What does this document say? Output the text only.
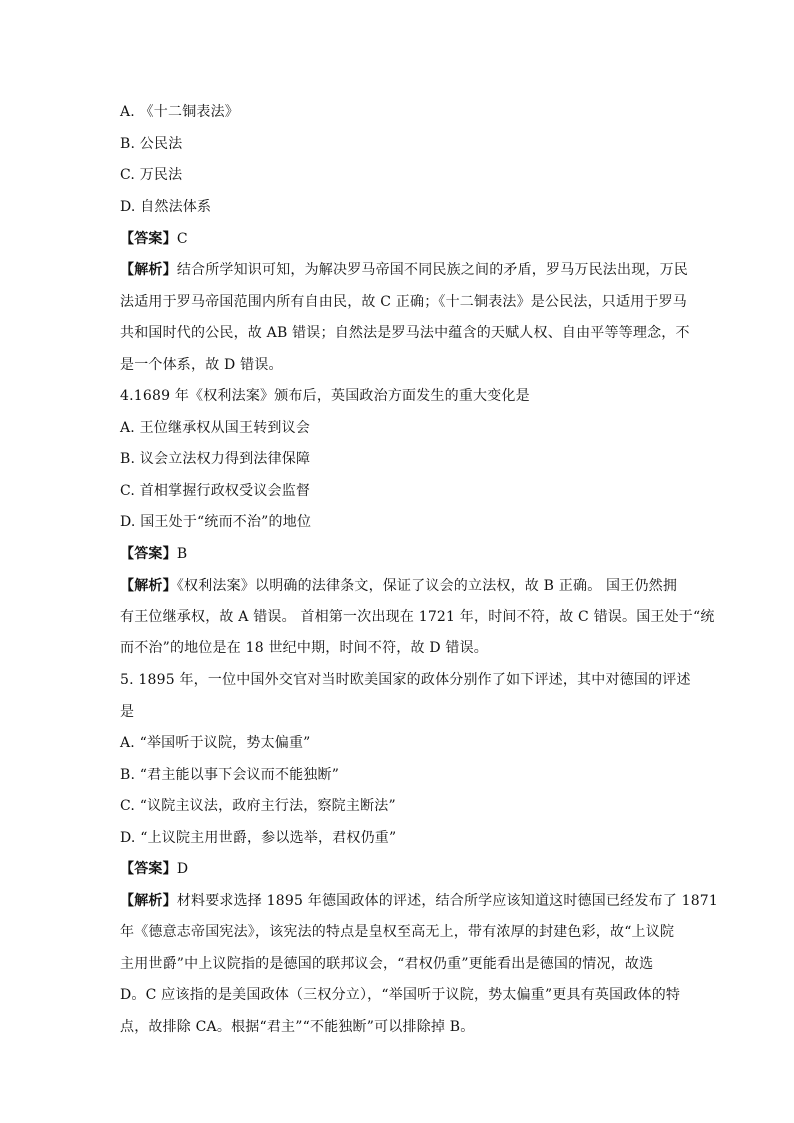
A. 《十二铜表法》
B. 公民法
C. 万民法
D. 自然法体系
【答案】C
【解析】结合所学知识可知，为解决罗马帝国不同民族之间的矛盾，罗马万民法出现，万民
法适用于罗马帝国范围内所有自由民，故 C 正确；《十二铜表法》是公民法，只适用于罗马
共和国时代的公民，故 AB 错误；自然法是罗马法中蕴含的天赋人权、自由平等等理念，不
是一个体系，故 D 错误。
4.1689 年《权利法案》颁布后，英国政治方面发生的重大变化是
A. 王位继承权从国王转到议会
B. 议会立法权力得到法律保障
C. 首相掌握行政权受议会监督
D. 国王处于“统而不治”的地位
【答案】B
【解析】《权利法案》以明确的法律条文，保证了议会的立法权，故 B 正确。 国王仍然拥
有王位继承权，故 A 错误。 首相第一次出现在 1721 年，时间不符，故 C 错误。国王处于“统
而不治”的地位是在 18 世纪中期，时间不符，故 D 错误。
5. 1895 年，一位中国外交官对当时欧美国家的政体分别作了如下评述，其中对德国的评述
是
A. “举国听于议院，势太偏重”
B. “君主能以事下会议而不能独断”
C. “议院主议法，政府主行法，察院主断法”
D. “上议院主用世爵，参以选举，君权仍重”
【答案】D
【解析】材料要求选择 1895 年德国政体的评述，结合所学应该知道这时德国已经发布了 1871
年《德意志帝国宪法》，该宪法的特点是皇权至高无上，带有浓厚的封建色彩，故“上议院
主用世爵”中上议院指的是德国的联邦议会，“君权仍重”更能看出是德国的情况，故选
D。C 应该指的是美国政体（三权分立），“举国听于议院，势太偏重”更具有英国政体的特
点，故排除 CA。根据“君主”“不能独断”可以排除掉 B。
